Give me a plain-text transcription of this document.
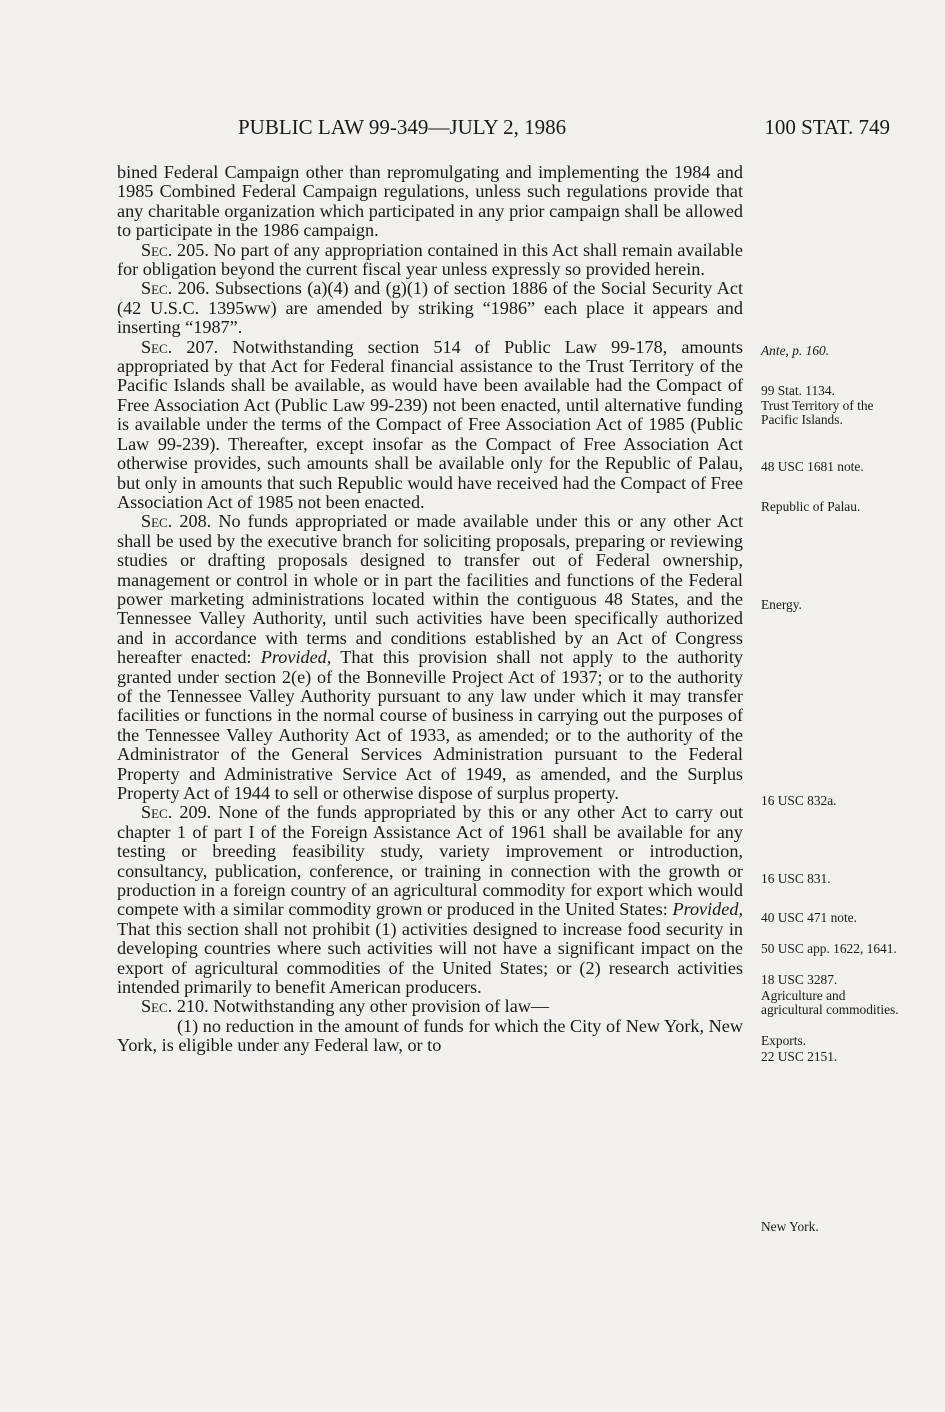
PUBLIC LAW 99-349—JULY 2, 1986	100 STAT. 749

bined Federal Campaign other than repromulgating and implementing the 1984 and 1985 Combined Federal Campaign regulations, unless such regulations provide that any charitable organization which participated in any prior campaign shall be allowed to participate in the 1986 campaign.

Sec. 205. No part of any appropriation contained in this Act shall remain available for obligation beyond the current fiscal year unless expressly so provided herein.

Sec. 206. Subsections (a)(4) and (g)(1) of section 1886 of the Social Security Act (42 U.S.C. 1395ww) are amended by striking “1986” each place it appears and inserting “1987”.

Sec. 207. Notwithstanding section 514 of Public Law 99-178, amounts appropriated by that Act for Federal financial assistance to the Trust Territory of the Pacific Islands shall be available, as would have been available had the Compact of Free Association Act (Public Law 99-239) not been enacted, until alternative funding is available under the terms of the Compact of Free Association Act of 1985 (Public Law 99-239). Thereafter, except insofar as the Compact of Free Association Act otherwise provides, such amounts shall be available only for the Republic of Palau, but only in amounts that such Republic would have received had the Compact of Free Association Act of 1985 not been enacted.

Sec. 208. No funds appropriated or made available under this or any other Act shall be used by the executive branch for soliciting proposals, preparing or reviewing studies or drafting proposals designed to transfer out of Federal ownership, management or control in whole or in part the facilities and functions of the Federal power marketing administrations located within the contiguous 48 States, and the Tennessee Valley Authority, until such activities have been specifically authorized and in accordance with terms and conditions established by an Act of Congress hereafter enacted: Provided, That this provision shall not apply to the authority granted under section 2(e) of the Bonneville Project Act of 1937; or to the authority of the Tennessee Valley Authority pursuant to any law under which it may transfer facilities or functions in the normal course of business in carrying out the purposes of the Tennessee Valley Authority Act of 1933, as amended; or to the authority of the Administrator of the General Services Administration pursuant to the Federal Property and Administrative Service Act of 1949, as amended, and the Surplus Property Act of 1944 to sell or otherwise dispose of surplus property.

Sec. 209. None of the funds appropriated by this or any other Act to carry out chapter 1 of part I of the Foreign Assistance Act of 1961 shall be available for any testing or breeding feasibility study, variety improvement or introduction, consultancy, publication, conference, or training in connection with the growth or production in a foreign country of an agricultural commodity for export which would compete with a similar commodity grown or produced in the United States: Provided, That this section shall not prohibit (1) activities designed to increase food security in developing countries where such activities will not have a significant impact on the export of agricultural commodities of the United States; or (2) research activities intended primarily to benefit American producers.

Sec. 210. Notwithstanding any other provision of law—

(1) no reduction in the amount of funds for which the City of New York, New York, is eligible under any Federal law, or to

Ante, p. 160.
99 Stat. 1134.
Trust Territory of the Pacific Islands.
48 USC 1681 note.
Republic of Palau.
Energy.
16 USC 832a.
16 USC 831.
40 USC 471 note.
50 USC app. 1622, 1641.
18 USC 3287.
Agriculture and agricultural commodities.
Exports.
22 USC 2151.
New York.
